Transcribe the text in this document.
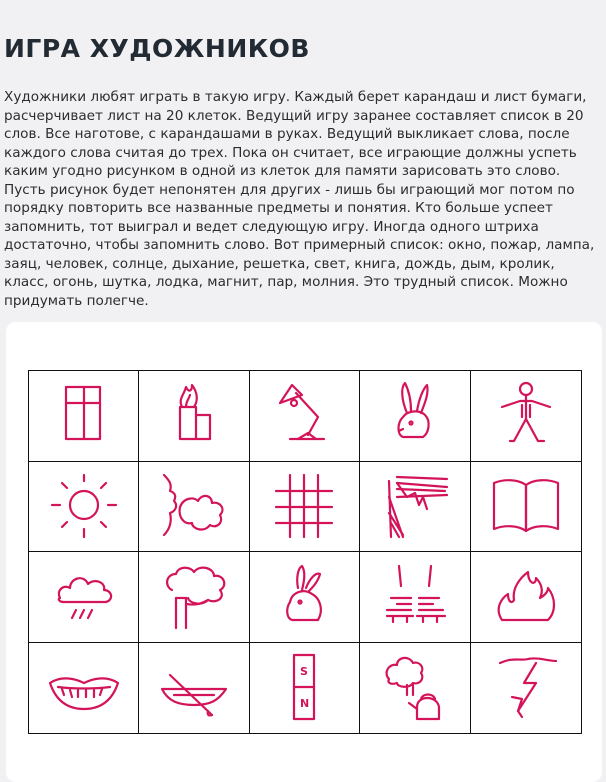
ИГРА ХУДОЖНИКОВ

Художники любят играть в такую игру. Каждый берет карандаш и лист бумаги, расчерчивает лист на 20 клеток. Ведущий игру заранее составляет список в 20 слов. Все наготове, с карандашами в руках. Ведущий выкликает слова, после каждого слова считая до трех. Пока он считает, все играющие должны успеть каким угодно рисунком в одной из клеток для памяти зарисовать это слово. Пусть рисунок будет непонятен для других - лишь бы играющий мог потом по порядку повторить все названные предметы и понятия. Кто больше успеет запомнить, тот выиграл и ведет следующую игру. Иногда одного штриха достаточно, чтобы запомнить слово. Вот примерный список: окно, пожар, лампа, заяц, человек, солнце, дыхание, решетка, свет, книга, дождь, дым, кролик, класс, огонь, шутка, лодка, магнит, пар, молния. Это трудный список. Можно придумать полегче.

S
N
